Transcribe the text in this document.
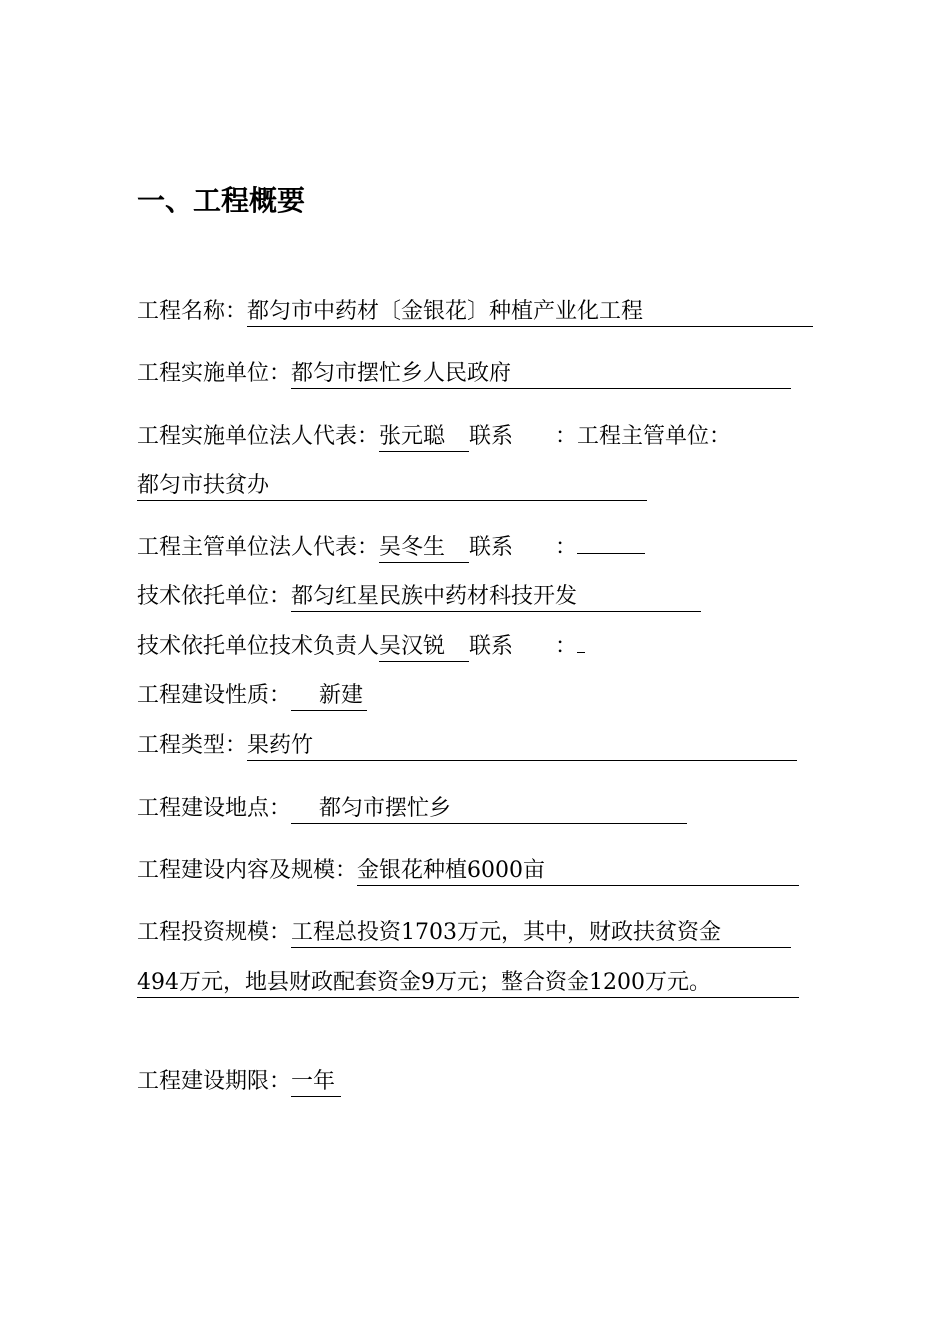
一、工程概要
工程名称：都匀市中药材〔金银花〕种植产业化工程
工程实施单位：都匀市摆忙乡人民政府
工程实施单位法人代表：张元聪 联系 ：工程主管单位：
都匀市扶贫办
工程主管单位法人代表：吴冬生 联系 ：
技术依托单位：都匀红星民族中药材科技开发
技术依托单位技术负责人吴汉锐 联系 ：
工程建设性质： 新建
工程类型：果药竹
工程建设地点： 都匀市摆忙乡
工程建设内容及规模：金银花种植6000亩
工程投资规模：工程总投资1703万元，其中，财政扶贫资金
494万元，地县财政配套资金9万元；整合资金1200万元。
工程建设期限：一年
